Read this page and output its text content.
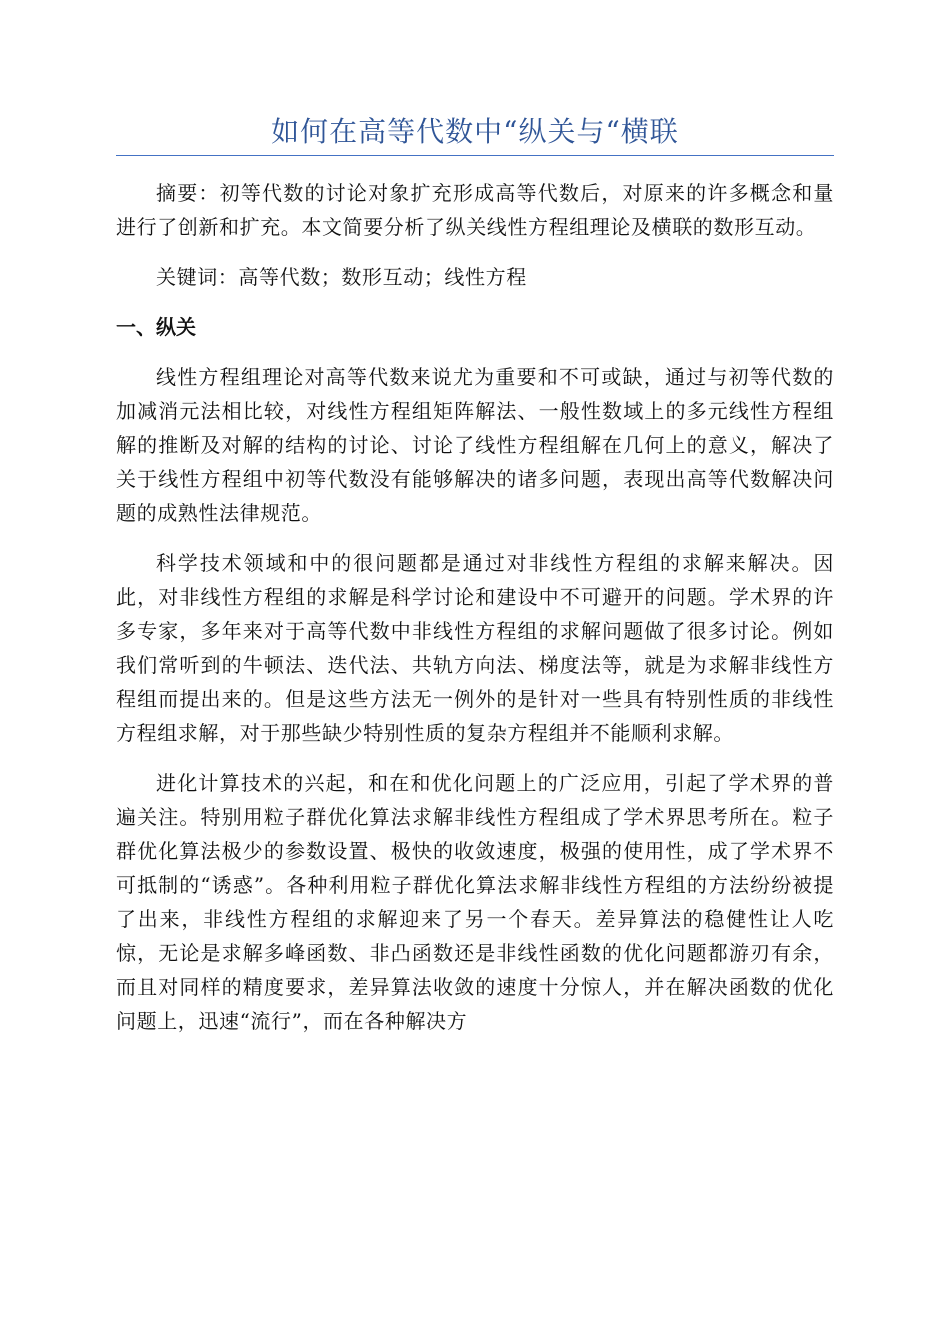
如何在高等代数中“纵关与“横联

摘要：初等代数的讨论对象扩充形成高等代数后，对原来的许多概念和量进行了创新和扩充。本文简要分析了纵关线性方程组理论及横联的数形互动。

关键词：高等代数；数形互动；线性方程

一、纵关

线性方程组理论对高等代数来说尤为重要和不可或缺，通过与初等代数的加减消元法相比较，对线性方程组矩阵解法、一般性数域上的多元线性方程组解的推断及对解的结构的讨论、讨论了线性方程组解在几何上的意义，解决了关于线性方程组中初等代数没有能够解决的诸多问题，表现出高等代数解决问题的成熟性法律规范。

科学技术领域和中的很问题都是通过对非线性方程组的求解来解决。因此，对非线性方程组的求解是科学讨论和建设中不可避开的问题。学术界的许多专家，多年来对于高等代数中非线性方程组的求解问题做了很多讨论。例如我们常听到的牛顿法、迭代法、共轨方向法、梯度法等，就是为求解非线性方程组而提出来的。但是这些方法无一例外的是针对一些具有特别性质的非线性方程组求解，对于那些缺少特别性质的复杂方程组并不能顺利求解。

进化计算技术的兴起，和在和优化问题上的广泛应用，引起了学术界的普遍关注。特别用粒子群优化算法求解非线性方程组成了学术界思考所在。粒子群优化算法极少的参数设置、极快的收敛速度，极强的使用性，成了学术界不可抵制的“诱惑”。各种利用粒子群优化算法求解非线性方程组的方法纷纷被提了出来，非线性方程组的求解迎来了另一个春天。差异算法的稳健性让人吃惊，无论是求解多峰函数、非凸函数还是非线性函数的优化问题都游刃有余，而且对同样的精度要求，差异算法收敛的速度十分惊人，并在解决函数的优化问题上，迅速“流行”，而在各种解决方
